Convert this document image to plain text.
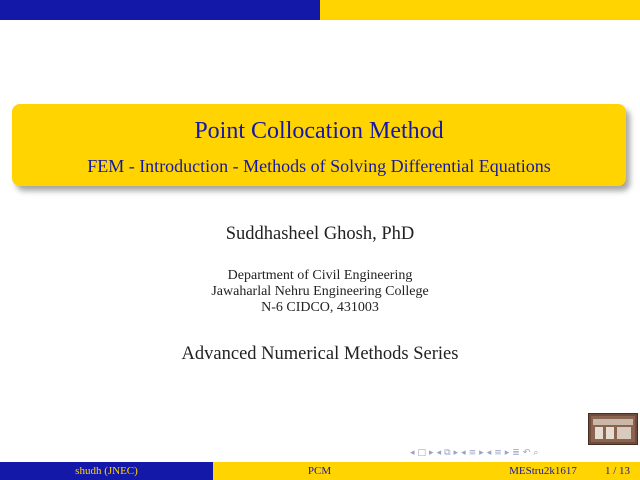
Point Collocation Method
FEM - Introduction - Methods of Solving Differential Equations
Suddhasheel Ghosh, PhD
Department of Civil Engineering
Jawaharlal Nehru Engineering College
N-6 CIDCO, 431003
Advanced Numerical Methods Series
◂ □ ▸ ◂ ⧉ ▸ ◂ ≡ ▸ ◂ ≡ ▸ ≣ ↶ ⌕
shudh (JNEC)	PCM	MEStru2k1617	1 / 13
